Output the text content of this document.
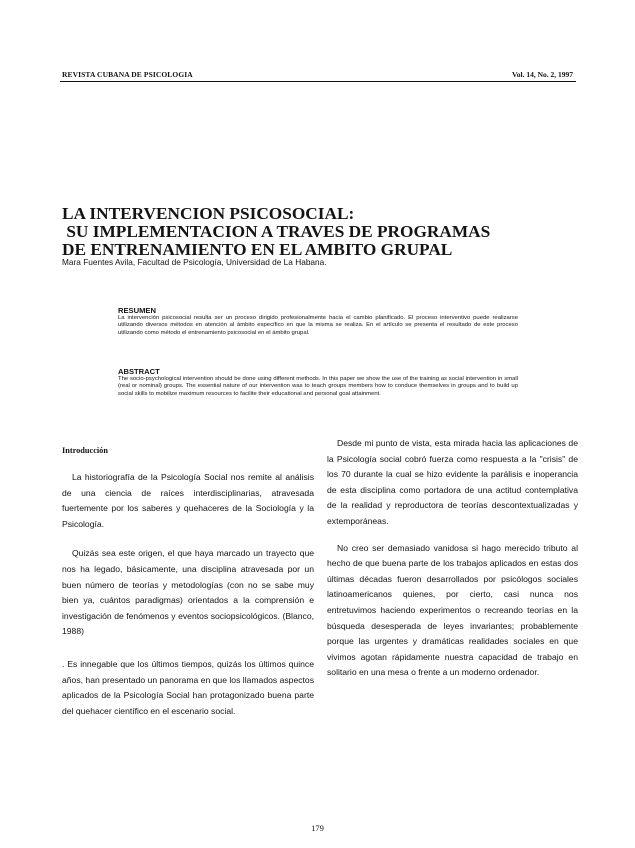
REVISTA CUBANA DE PSICOLOGIA	Vol. 14, No. 2, 1997
LA INTERVENCION PSICOSOCIAL:
SU IMPLEMENTACION A TRAVES DE PROGRAMAS
DE ENTRENAMIENTO EN EL AMBITO GRUPAL
Mara Fuentes Avila, Facultad de Psicología, Universidad de La Habana.

RESUMEN

La intervención psicosocial resulta ser un proceso dirigido profesionalmente hacia el cambio planificado. El proceso interventivo puede realizarse utilizando diversos métodos en atención al ámbito específico en que la misma se realiza. En el artículo se presenta el resultado de este proceso utilizando como método el entrenamiento psicosocial en el ámbito grupal.

ABSTRACT

The socio-psychological intervention should be done using different methods. In this paper we show the use of the training as social intervention in small (real or nominal) groups. The essential nature of our intervention was to teach groups members how to conduce themselves in groups and to build up social skills to mobilize maximum resources to facilite their educational and personal goal attainment.

Introducción

La historiografía de la Psicología Social nos remite al análisis de una ciencia de raíces interdisciplinarias, atravesada fuertemente por los saberes y quehaceres de la Sociología y la Psicología.

Quizás sea este origen, el que haya marcado un trayecto que nos ha legado, básicamente, una disciplina atravesada por un buen número de teorías y metodologías (con no se sabe muy bien ya, cuántos paradigmas) orientados a la comprensión e investigación de fenómenos y eventos sociopsicológicos. (Blanco, 1988)

. Es innegable que los últimos tiempos, quizás los últimos quince años, han presentado un panorama en que los llamados aspectos aplicados de la Psicología Social han protagonizado buena parte del quehacer científico en el escenario social.

Desde mi punto de vista, esta mirada hacia las aplicaciones de la Psicología social cobró fuerza como respuesta a la "crisis" de los 70 durante la cual se hizo evidente la parálisis e inoperancia de esta disciplina como portadora de una actitud contemplativa de la realidad y reproductora de teorías descontextualizadas y extemporáneas.

No creo ser demasiado vanidosa si hago merecido tributo al hecho de que buena parte de los trabajos aplicados en estas dos últimas décadas fueron desarrollados por psicólogos sociales latinoamericanos quienes, por cierto, casi nunca nos entretuvimos haciendo experimentos o recreando teorías en la búsqueda desesperada de leyes invariantes; probablemente porque las urgentes y dramáticas realidades sociales en que vivimos agotan rápidamente nuestra capacidad de trabajo en solitario en una mesa o frente a un moderno ordenador.

179
